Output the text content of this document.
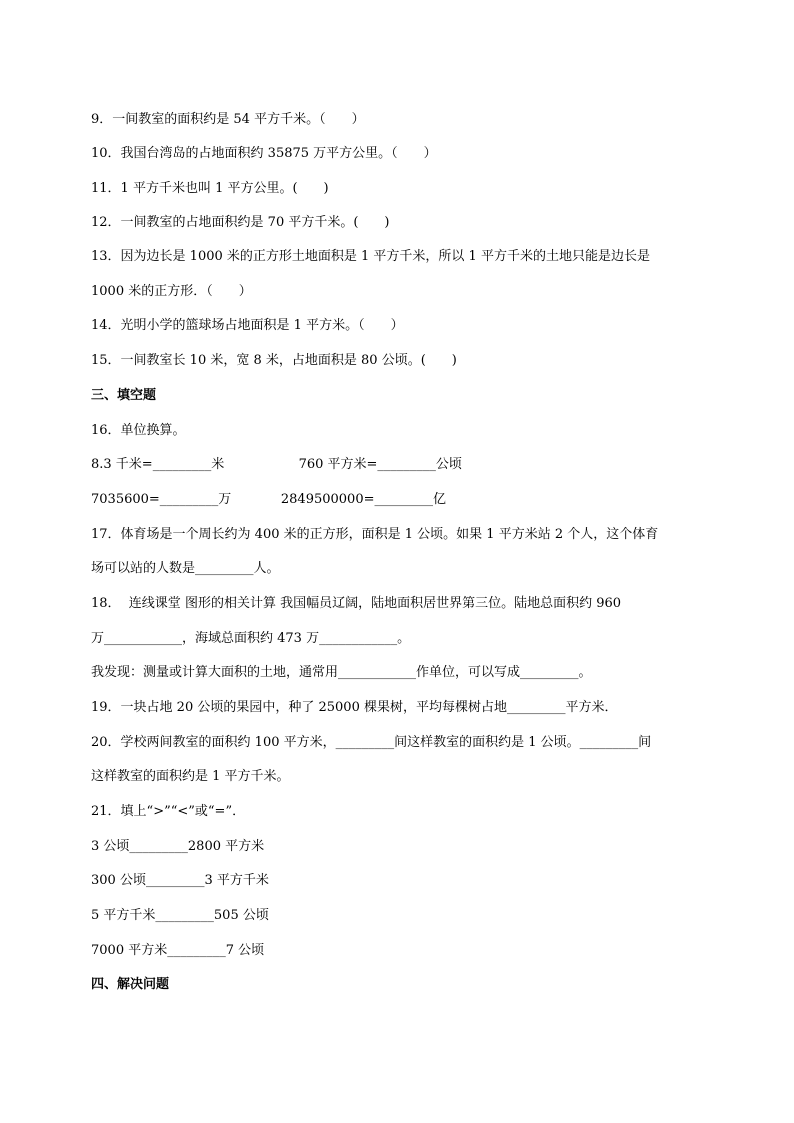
9．一间教室的面积约是 54 平方千米。（　　）
10．我国台湾岛的占地面积约 35875 万平方公里。（　　）
11．1 平方千米也叫 1 平方公里。(　　)
12．一间教室的占地面积约是 70 平方千米。(　　)
13．因为边长是 1000 米的正方形土地面积是 1 平方千米，所以 1 平方千米的土地只能是边长是
1000 米的正方形．（　　）
14．光明小学的篮球场占地面积是 1 平方米。（　　）
15．一间教室长 10 米，宽 8 米，占地面积是 80 公顷。(　　)
三、填空题
16．单位换算。
8.3 千米=_________米                  760 平方米=_________公顷
7035600=_________万            2849500000=_________亿
17．体育场是一个周长约为 400 米的正方形，面积是 1 公顷。如果 1 平方米站 2 个人，这个体育
场可以站的人数是_________人。
18．  连线课堂 图形的相关计算 我国幅员辽阔，陆地面积居世界第三位。陆地总面积约 960
万____________，海域总面积约 473 万____________。
我发现：测量或计算大面积的土地，通常用____________作单位，可以写成_________。
19．一块占地 20 公顷的果园中，种了 25000 棵果树，平均每棵树占地_________平方米．
20．学校两间教室的面积约 100 平方米，_________间这样教室的面积约是 1 公顷。_________间
这样教室的面积约是 1 平方千米。
21．填上“>”“<”或“=”．
3 公顷_________2800 平方米
300 公顷_________3 平方千米
5 平方千米_________505 公顷
7000 平方米_________7 公顷
四、解决问题
